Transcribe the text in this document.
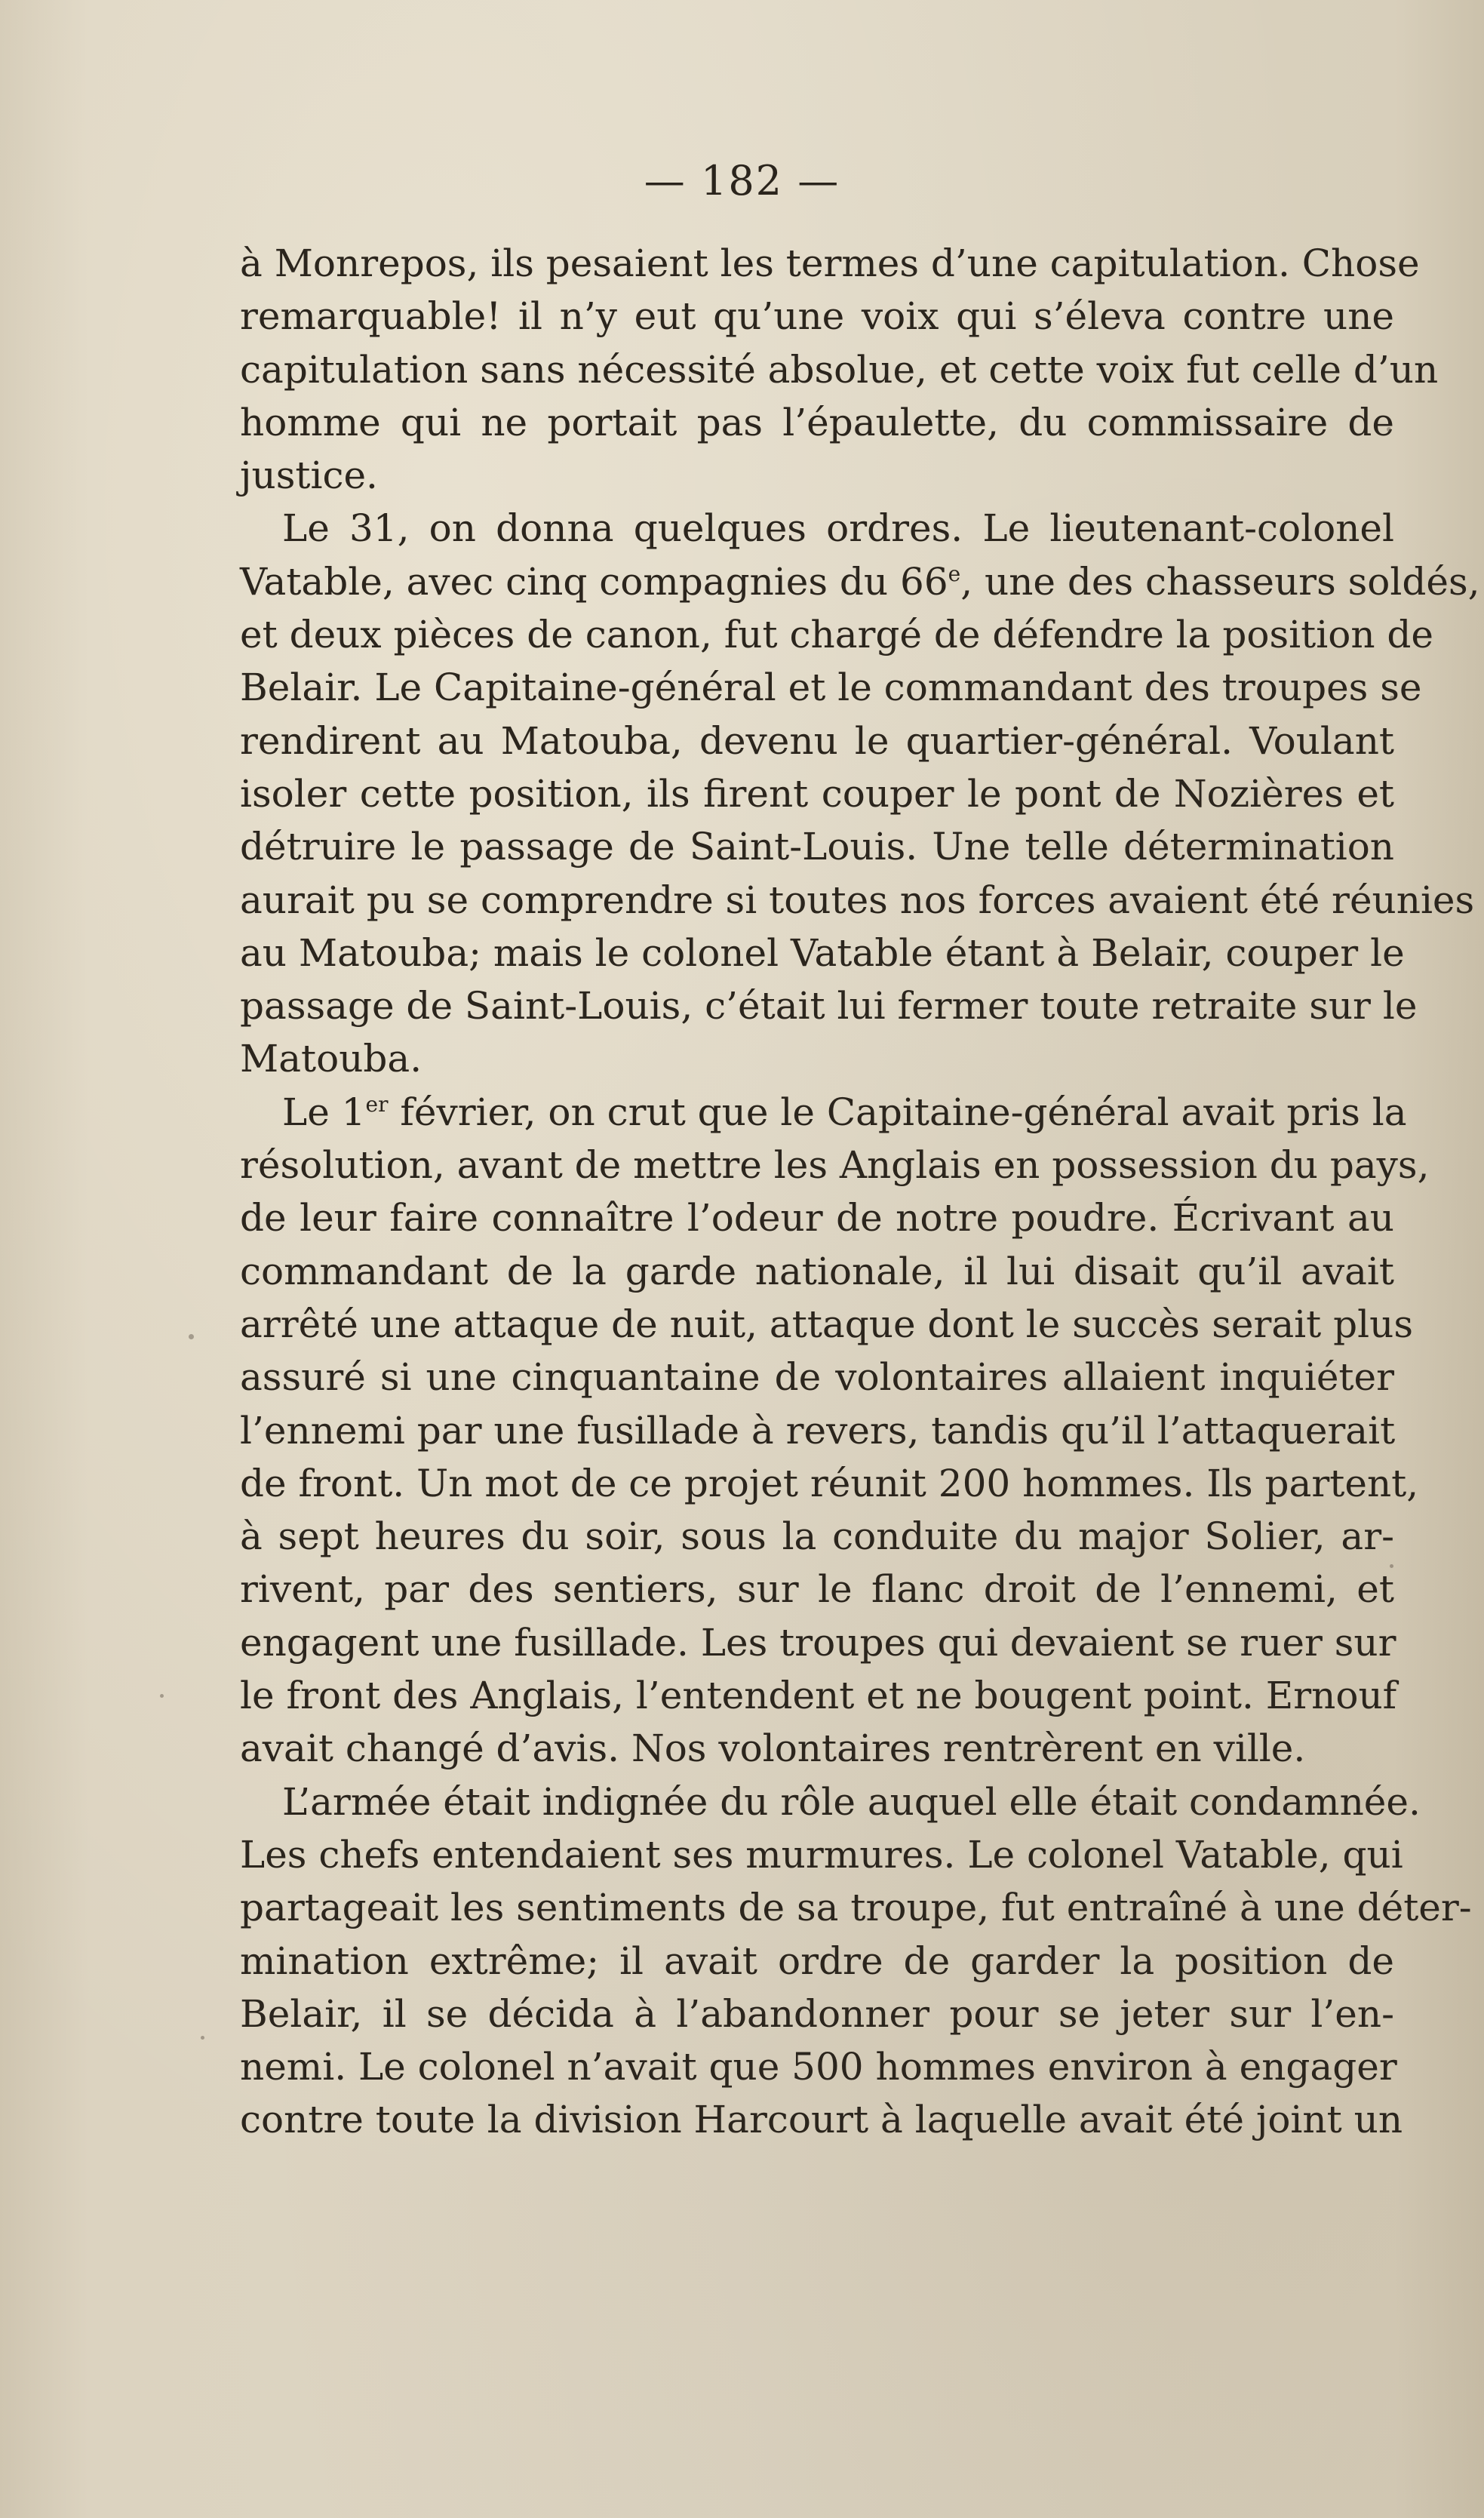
— 182 —
à Monrepos, ils pesaient les termes d’une capitulation. Chose
remarquable! il n’y eut qu’une voix qui s’éleva contre une
capitulation sans nécessité absolue, et cette voix fut celle d’un
homme qui ne portait pas l’épaulette, du commissaire de
justice.
Le 31, on donna quelques ordres. Le lieutenant-colonel
Vatable, avec cinq compagnies du 66e, une des chasseurs soldés,
et deux pièces de canon, fut chargé de défendre la position de
Belair. Le Capitaine-général et le commandant des troupes se
rendirent au Matouba, devenu le quartier-général. Voulant
isoler cette position, ils firent couper le pont de Nozières et
détruire le passage de Saint-Louis. Une telle détermination
aurait pu se comprendre si toutes nos forces avaient été réunies
au Matouba; mais le colonel Vatable étant à Belair, couper le
passage de Saint-Louis, c’était lui fermer toute retraite sur le
Matouba.
Le 1er février, on crut que le Capitaine-général avait pris la
résolution, avant de mettre les Anglais en possession du pays,
de leur faire connaître l’odeur de notre poudre. Écrivant au
commandant de la garde nationale, il lui disait qu’il avait
arrêté une attaque de nuit, attaque dont le succès serait plus
assuré si une cinquantaine de volontaires allaient inquiéter
l’ennemi par une fusillade à revers, tandis qu’il l’attaquerait
de front. Un mot de ce projet réunit 200 hommes. Ils partent,
à sept heures du soir, sous la conduite du major Solier, ar-
rivent, par des sentiers, sur le flanc droit de l’ennemi, et
engagent une fusillade. Les troupes qui devaient se ruer sur
le front des Anglais, l’entendent et ne bougent point. Ernouf
avait changé d’avis. Nos volontaires rentrèrent en ville.
L’armée était indignée du rôle auquel elle était condamnée.
Les chefs entendaient ses murmures. Le colonel Vatable, qui
partageait les sentiments de sa troupe, fut entraîné à une déter-
mination extrême; il avait ordre de garder la position de
Belair, il se décida à l’abandonner pour se jeter sur l’en-
nemi. Le colonel n’avait que 500 hommes environ à engager
contre toute la division Harcourt à laquelle avait été joint un
